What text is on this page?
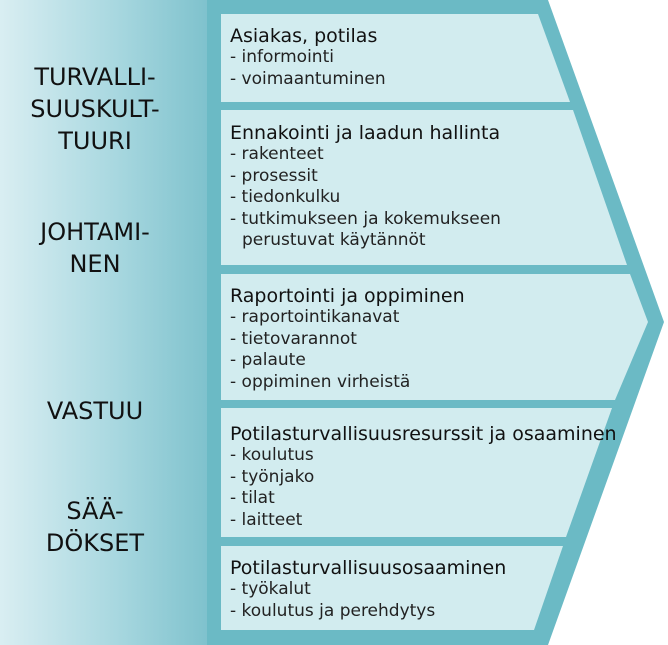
TURVALLI-
SUUSKULT-
TUURI
JOHTAMI-
NEN
VASTUU
SÄÄ-
DÖKSET
Asiakas, potilas
- informointi
- voimaantuminen
Ennakointi ja laadun hallinta
- rakenteet
- prosessit
- tiedonkulku
- tutkimukseen ja kokemukseen
perustuvat käytännöt
Raportointi ja oppiminen
- raportointikanavat
- tietovarannot
- palaute
- oppiminen virheistä
Potilasturvallisuusresurssit ja osaaminen
- koulutus
- työnjako
- tilat
- laitteet
Potilasturvallisuusosaaminen
- työkalut
- koulutus ja perehdytys
